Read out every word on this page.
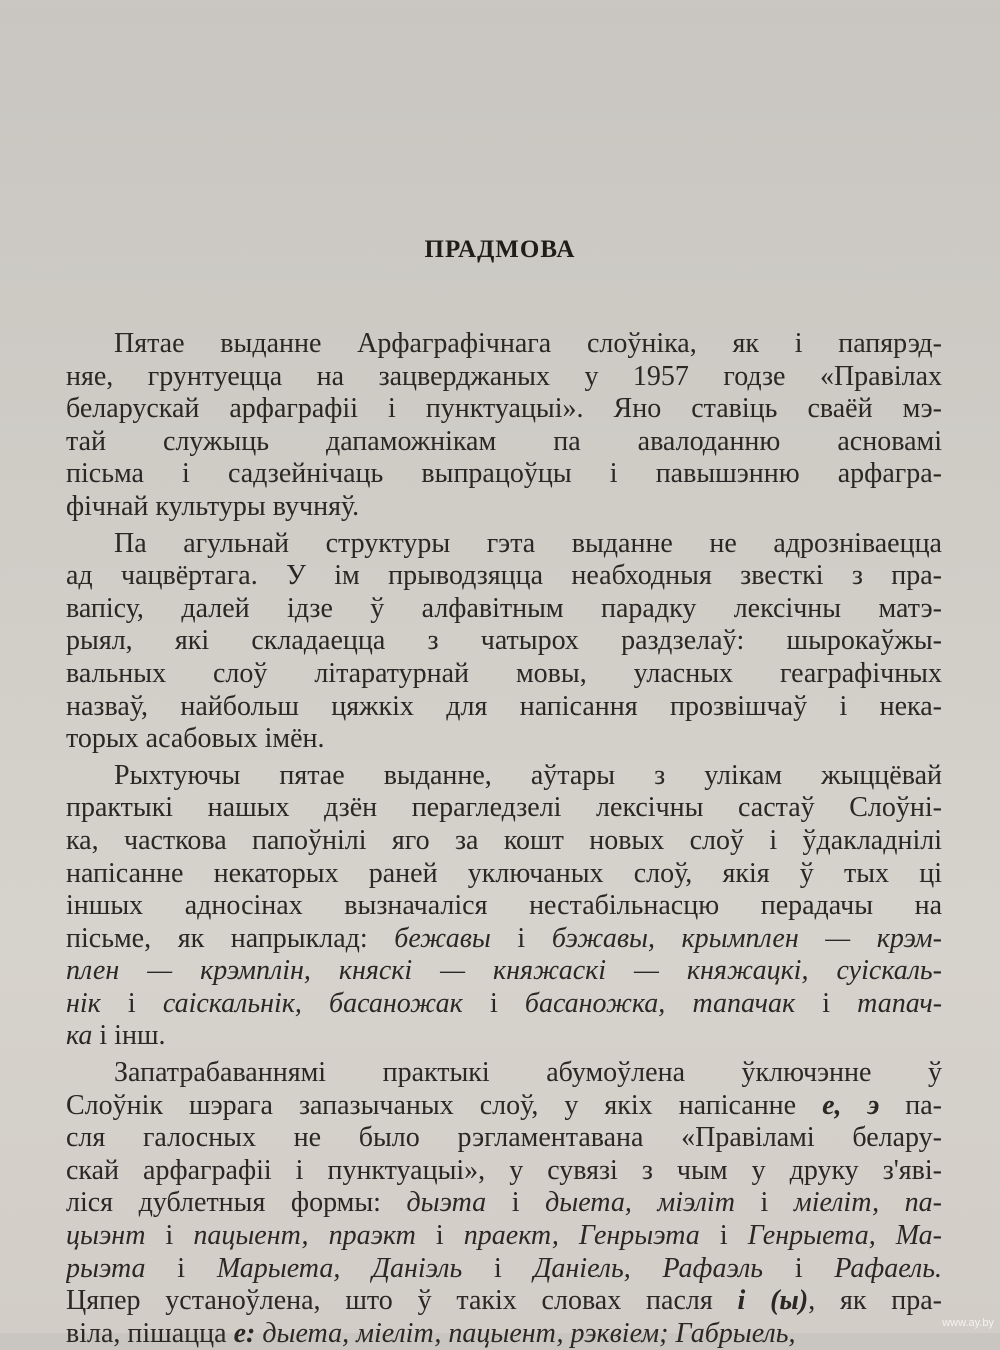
ПРАДМОВА
Пятае выданне Арфаграфічнага слоўніка, як і папярэд-
няе, грунтуецца на зацверджаных у 1957 годзе «Правілах
беларускай арфаграфіі і пунктуацыі». Яно ставіць сваёй мэ-
тай служыць дапаможнікам па авалоданню асновамі
пісьма і садзейнічаць выпрацоўцы і павышэнню арфагра-
фічнай культуры вучняў.
Па агульнай структуры гэта выданне не адрозніваецца
ад чацвёртага. У ім прыводзяцца неабходныя звесткі з пра-
вапісу, далей ідзе ў алфавітным парадку лексічны матэ-
рыял, які складаецца з чатырох раздзелаў: шырокаўжы-
вальных слоў літаратурнай мовы, уласных геаграфічных
назваў, найбольш цяжкіх для напісання прозвішчаў і нека-
торых асабовых імён.
Рыхтуючы пятае выданне, аўтары з улікам жыццёвай
практыкі нашых дзён перагледзелі лексічны састаў Слоўні-
ка, часткова папоўнілі яго за кошт новых слоў і ўдакладнілі
напісанне некаторых раней уключаных слоў, якія ў тых ці
іншых адносінах вызначаліся нестабільнасцю перадачы на
пісьме, як напрыклад: бежавы і бэжавы, крымплен — крэм-
плен — крэмплін, княскі — княжаскі — княжацкі, суіскаль-
нік і саіскальнік, басаножак і басаножка, тапачак і тапач-
ка і інш.
Запатрабаваннямі практыкі абумоўлена ўключэнне ў
Слоўнік шэрага запазычаных слоў, у якіх напісанне е, э па-
сля галосных не было рэгламентавана «Правіламі белару-
скай арфаграфіі і пунктуацыі», у сувязі з чым у друку з'яві-
ліся дублетныя формы: дыэта і дыета, міэліт і міеліт, па-
цыэнт і пацыент, праэкт і праект, Генрыэта і Генрыета, Ма-
рыэта і Марыета, Даніэль і Даніель, Рафаэль і Рафаель.
Цяпер устаноўлена, што ў такіх словах пасля і (ы), як пра-
віла, пішацца е: дыета, міеліт, пацыент, рэквіем; Габрыель,	www.ay.by
